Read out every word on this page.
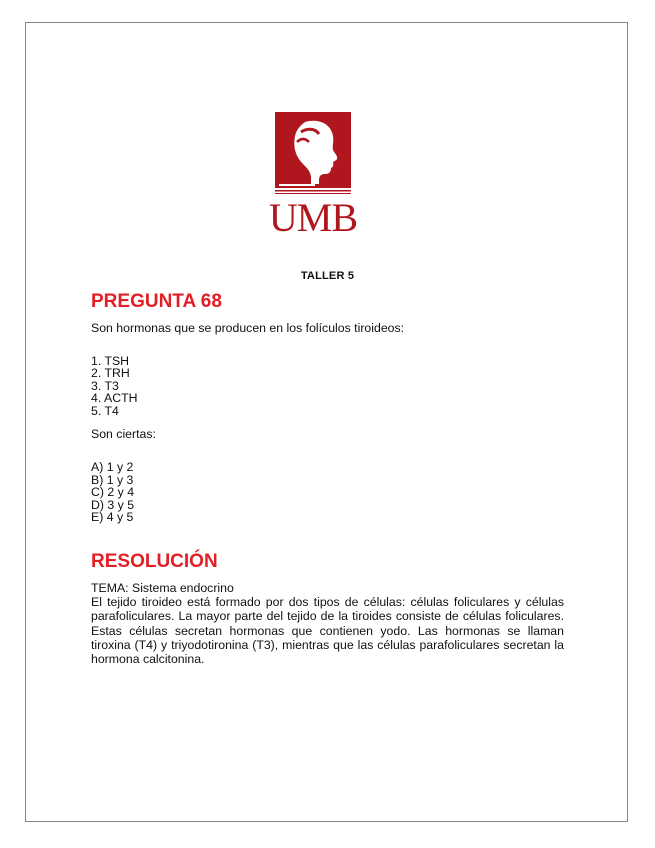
UMB
TALLER 5
PREGUNTA 68

Son hormonas que se producen en los folículos tiroideos:

1. TSH
2. TRH
3. T3
4. ACTH
5. T4

Son ciertas:

A) 1 y 2
B) 1 y 3
C) 2 y 4
D) 3 y 5
E) 4 y 5
RESOLUCIÓN

TEMA: Sistema endocrino

El tejido tiroideo está formado por dos tipos de células: células foliculares y células parafoliculares. La mayor parte del tejido de la tiroides consiste de células foliculares. Estas células secretan hormonas que contienen yodo. Las hormonas se llaman tiroxina (T4) y triyodotironina (T3), mientras que las células parafoliculares secretan la hormona calcitonina.
